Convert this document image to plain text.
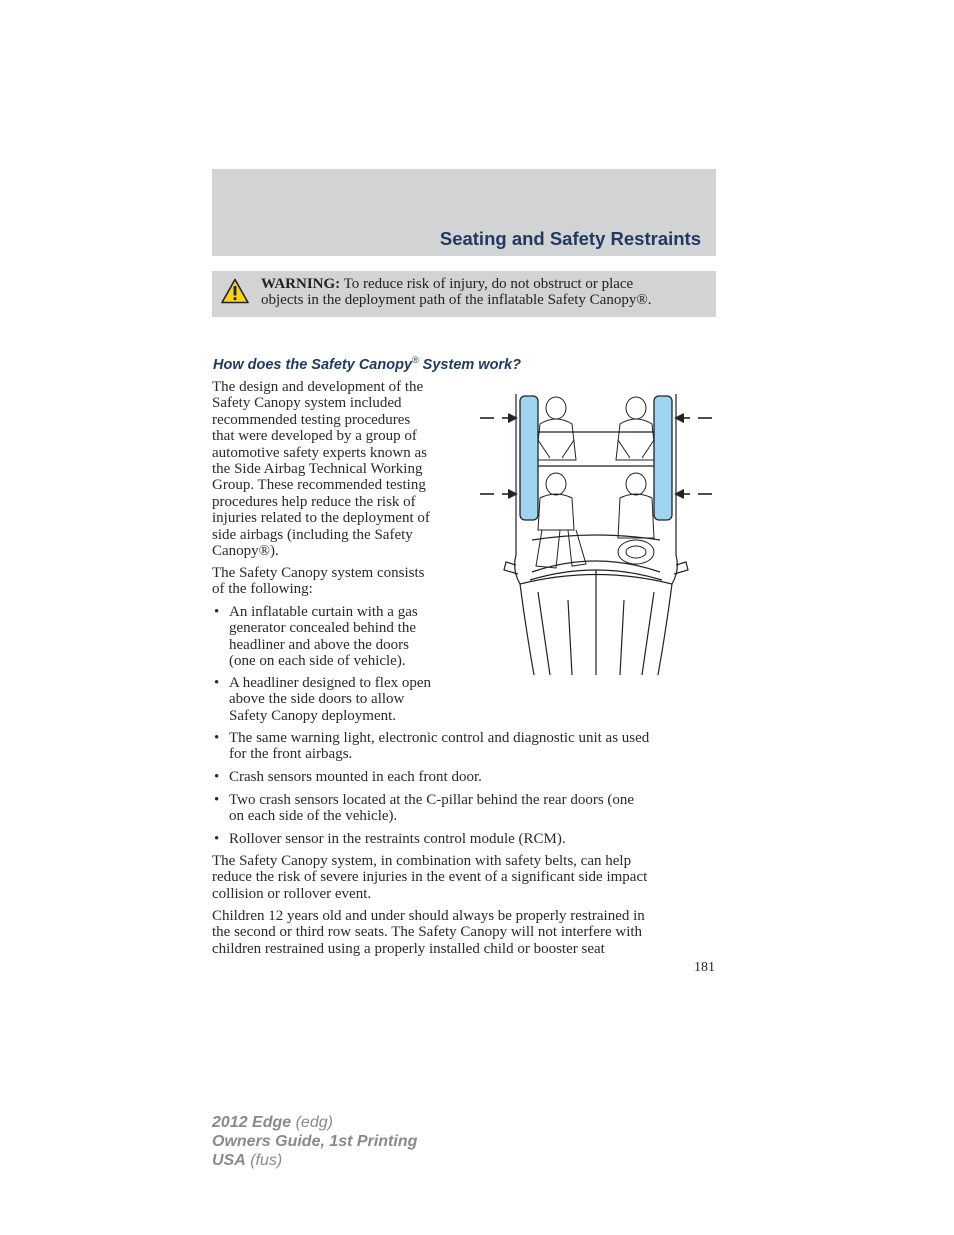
Seating and Safety Restraints
WARNING: To reduce risk of injury, do not obstruct or place
objects in the deployment path of the inflatable Safety Canopy®.
How does the Safety Canopy® System work?

The design and development of the
Safety Canopy system included
recommended testing procedures
that were developed by a group of
automotive safety experts known as
the Side Airbag Technical Working
Group. These recommended testing
procedures help reduce the risk of
injuries related to the deployment of
side airbags (including the Safety
Canopy®).

The Safety Canopy system consists
of the following:

• An inflatable curtain with a gas
generator concealed behind the
headliner and above the doors
(one on each side of vehicle).
• A headliner designed to flex open
above the side doors to allow
Safety Canopy deployment.
• The same warning light, electronic control and diagnostic unit as used
for the front airbags.
• Crash sensors mounted in each front door.
• Two crash sensors located at the C-pillar behind the rear doors (one
on each side of the vehicle).
• Rollover sensor in the restraints control module (RCM).

The Safety Canopy system, in combination with safety belts, can help
reduce the risk of severe injuries in the event of a significant side impact
collision or rollover event.

Children 12 years old and under should always be properly restrained in
the second or third row seats. The Safety Canopy will not interfere with
children restrained using a properly installed child or booster seat

181
2012 Edge (edg)
Owners Guide, 1st Printing
USA (fus)
